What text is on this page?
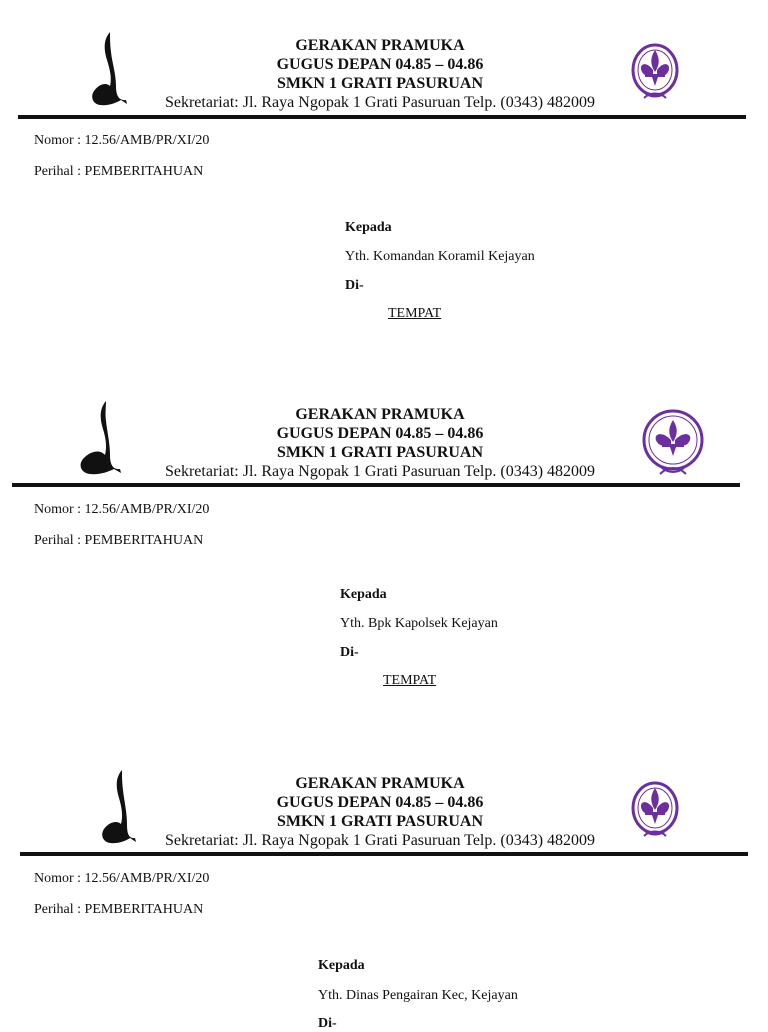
GERAKAN PRAMUKA
GUGUS DEPAN 04.85 – 04.86
SMKN 1 GRATI PASURUAN
Sekretariat: Jl. Raya Ngopak 1 Grati Pasuruan Telp. (0343) 482009
Nomor : 12.56/AMB/PR/XI/20
Perihal : PEMBERITAHUAN
Kepada
Yth. Komandan Koramil Kejayan
Di-
TEMPAT
GERAKAN PRAMUKA
GUGUS DEPAN 04.85 – 04.86
SMKN 1 GRATI PASURUAN
Sekretariat: Jl. Raya Ngopak 1 Grati Pasuruan Telp. (0343) 482009
Nomor : 12.56/AMB/PR/XI/20
Perihal : PEMBERITAHUAN
Kepada
Yth. Bpk Kapolsek Kejayan
Di-
TEMPAT
GERAKAN PRAMUKA
GUGUS DEPAN 04.85 – 04.86
SMKN 1 GRATI PASURUAN
Sekretariat: Jl. Raya Ngopak 1 Grati Pasuruan Telp. (0343) 482009
Nomor : 12.56/AMB/PR/XI/20
Perihal : PEMBERITAHUAN
Kepada
Yth. Dinas Pengairan Kec, Kejayan
Di-
